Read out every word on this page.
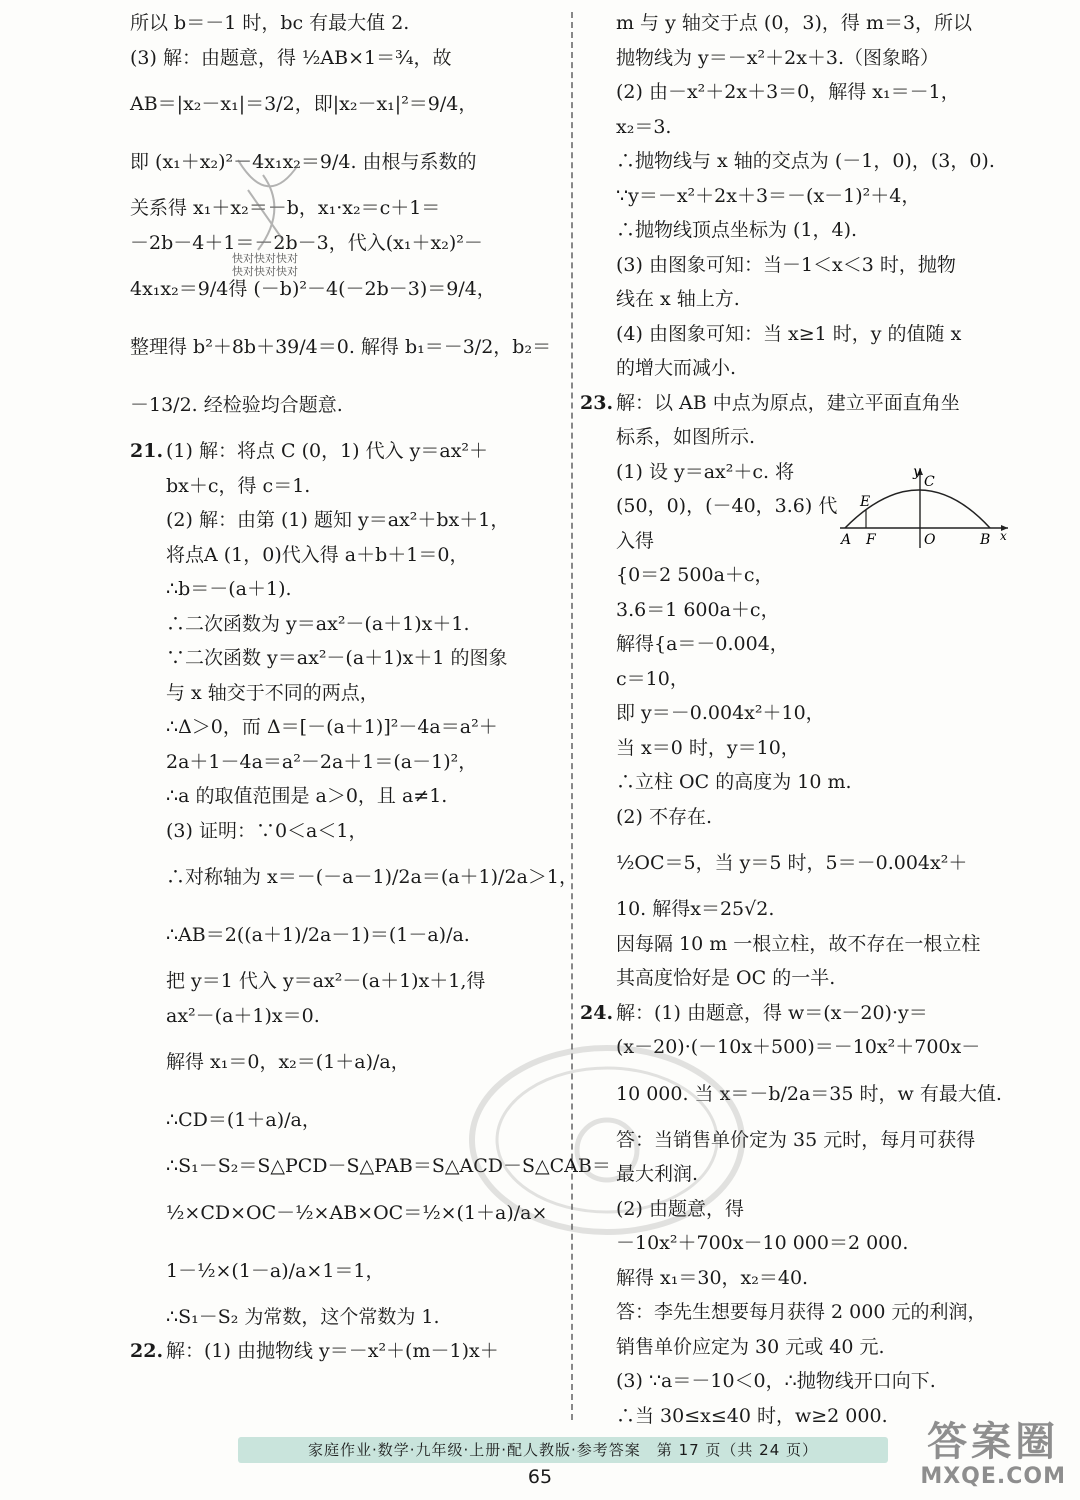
所以 b＝－1 时，bc 有最大值 2.
(3) 解：由题意，得 ½AB×1＝¾，故
AB＝|x₂－x₁|＝3/2，即|x₂－x₁|²＝9/4，
即 (x₁＋x₂)²－4x₁x₂＝9/4. 由根与系数的
关系得 x₁＋x₂＝－b，x₁·x₂＝c＋1＝
－2b－4＋1＝－2b－3，代入(x₁＋x₂)²－
4x₁x₂＝9/4得 (－b)²－4(－2b－3)＝9/4，
整理得 b²＋8b＋39/4＝0. 解得 b₁＝－3/2，b₂＝
－13/2. 经检验均合题意.
21. (1) 解：将点 C (0，1) 代入 y＝ax²＋
bx＋c，得 c＝1.
(2) 解：由第 (1) 题知 y＝ax²＋bx＋1，
将点A (1，0)代入得 a＋b＋1＝0，
∴b＝－(a＋1).
∴二次函数为 y＝ax²－(a＋1)x＋1.
∵二次函数 y＝ax²－(a＋1)x＋1 的图象
与 x 轴交于不同的两点，
∴Δ＞0，而 Δ＝[－(a＋1)]²－4a＝a²＋
2a＋1－4a＝a²－2a＋1＝(a－1)²，
∴a 的取值范围是 a＞0，且 a≠1.
(3) 证明：∵0＜a＜1，
∴对称轴为 x＝－(－a－1)/2a＝(a＋1)/2a＞1，
∴AB＝2((a＋1)/2a－1)＝(1－a)/a.
把 y＝1 代入 y＝ax²－(a＋1)x＋1,得
ax²－(a＋1)x＝0.
解得 x₁＝0，x₂＝(1＋a)/a，
∴CD＝(1＋a)/a，
∴S₁－S₂＝S△PCD－S△PAB＝S△ACD－S△CAB＝
½×CD×OC－½×AB×OC＝½×(1＋a)/a×
1－½×(1－a)/a×1＝1，
∴S₁－S₂ 为常数，这个常数为 1.
22. 解：(1) 由抛物线 y＝－x²＋(m－1)x＋
m 与 y 轴交于点 (0，3)，得 m＝3，所以
抛物线为 y＝－x²＋2x＋3.（图象略）
(2) 由－x²＋2x＋3＝0，解得 x₁＝－1，
x₂＝3.
∴抛物线与 x 轴的交点为 (－1，0)，(3，0).
∵y＝－x²＋2x＋3＝－(x－1)²＋4，
∴抛物线顶点坐标为 (1，4).
(3) 由图象可知：当－1＜x＜3 时，抛物
线在 x 轴上方.
(4) 由图象可知：当 x≥1 时，y 的值随 x
的增大而减小.
23. 解：以 AB 中点为原点，建立平面直角坐
标系，如图所示.
(1) 设 y＝ax²＋c. 将
(50，0)，(－40，3.6) 代
入得
{0＝2 500a＋c，
3.6＝1 600a＋c，
解得{a＝－0.004，
c＝10，
即 y＝－0.004x²＋10，
当 x＝0 时，y＝10，
∴立柱 OC 的高度为 10 m.
(2) 不存在.
½OC＝5，当 y＝5 时，5＝－0.004x²＋
10. 解得x＝25√2.
因每隔 10 m 一根立柱，故不存在一根立柱
其高度恰好是 OC 的一半.
24. 解：(1) 由题意，得 w＝(x－20)·y＝
(x－20)·(－10x＋500)＝－10x²＋700x－
10 000. 当 x＝－b/2a＝35 时，w 有最大值.
答：当销售单价定为 35 元时，每月可获得
最大利润.
(2) 由题意，得
－10x²＋700x－10 000＝2 000.
解得 x₁＝30，x₂＝40.
答：李先生想要每月获得 2 000 元的利润，
销售单价应定为 30 元或 40 元.
(3) ∵a＝－10＜0，∴抛物线开口向下.
∴当 30≤x≤40 时，w≥2 000.
y
C
E
A F	O	B x
快对快对快对
快对快对快对
家庭作业·数学·九年级·上册·配人教版·参考答案　第 17 页（共 24 页）
65
答案圈
MXQE.COM
